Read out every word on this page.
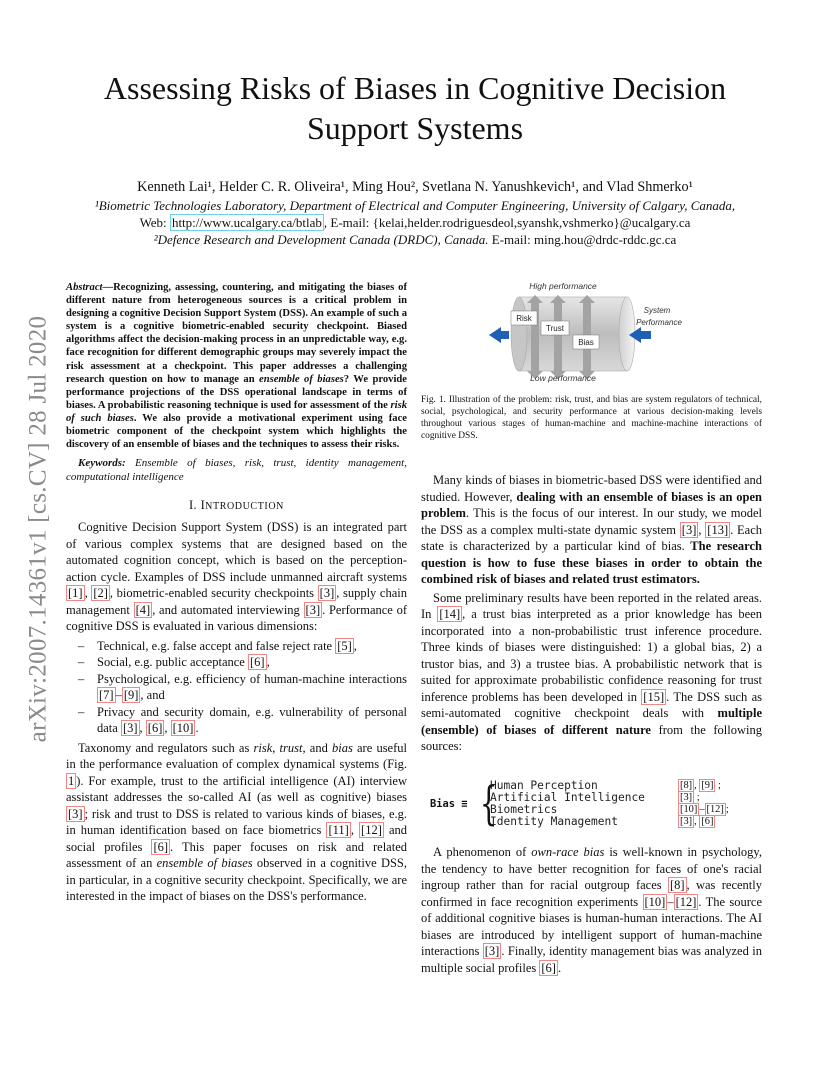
arXiv:2007.14361v1 [cs.CV] 28 Jul 2020
Assessing Risks of Biases in Cognitive Decision
Support Systems
Kenneth Lai¹, Helder C. R. Oliveira¹, Ming Hou², Svetlana N. Yanushkevich¹, and Vlad Shmerko¹
¹Biometric Technologies Laboratory, Department of Electrical and Computer Engineering, University of Calgary, Canada,
Web: http://www.ucalgary.ca/btlab , E-mail: {kelai,helder.rodriguesdeol,syanshk,vshmerko}@ucalgary.ca
²Defence Research and Development Canada (DRDC), Canada. E-mail: ming.hou@drdc-rddc.gc.ca
Abstract—Recognizing, assessing, countering, and mitigating the biases of different nature from heterogeneous sources is a critical problem in designing a cognitive Decision Support System (DSS). An example of such a system is a cognitive biometric-enabled security checkpoint. Biased algorithms affect the decision-making process in an unpredictable way, e.g. face recognition for different demographic groups may severely impact the risk assessment at a checkpoint. This paper addresses a challenging research question on how to manage an ensemble of biases? We provide performance projections of the DSS operational landscape in terms of biases. A probabilistic reasoning technique is used for assessment of the risk of such biases. We also provide a motivational experiment using face biometric component of the checkpoint system which highlights the discovery of an ensemble of biases and the techniques to assess their risks.
Keywords: Ensemble of biases, risk, trust, identity management, computational intelligence
I. INTRODUCTION
Cognitive Decision Support System (DSS) is an integrated part of various complex systems that are designed based on the automated cognition concept, which is based on the perception-action cycle. Examples of DSS include unmanned aircraft systems [1] , [2] , biometric-enabled security checkpoints [3] , supply chain management [4] , and automated interviewing [3] . Performance of cognitive DSS is evaluated in various dimensions:
– Technical, e.g. false accept and false reject rate [5] ,
– Social, e.g. public acceptance [6] ,
– Psychological, e.g. efficiency of human-machine interactions [7] – [9] , and
– Privacy and security domain, e.g. vulnerability of personal data [3] , [6] , [10] .
Taxonomy and regulators such as risk, trust, and bias are useful in the performance evaluation of complex dynamical systems (Fig. 1 ). For example, trust to the artificial intelligence (AI) interview assistant addresses the so-called AI (as well as cognitive) biases [3] ; risk and trust to DSS is related to various kinds of biases, e.g. in human identification based on face biometrics [11] , [12] and social profiles [6] . This paper focuses on risk and related assessment of an ensemble of biases observed in a cognitive DSS, in particular, in a cognitive security checkpoint. Specifically, we are interested in the impact of biases on the DSS's performance.
High performance
Risk
Trust
Bias
System
Performance
Low performance
Fig. 1. Illustration of the problem: risk, trust, and bias are system regulators of technical, social, psychological, and security performance at various decision-making levels throughout various stages of human-machine and machine-machine interactions of cognitive DSS.
Many kinds of biases in biometric-based DSS were identified and studied. However, dealing with an ensemble of biases is an open problem. This is the focus of our interest. In our study, we model the DSS as a complex multi-state dynamic system [3] , [13] . Each state is characterized by a particular kind of bias. The research question is how to fuse these biases in order to obtain the combined risk of biases and related trust estimators.
Some preliminary results have been reported in the related areas. In [14] , a trust bias interpreted as a prior knowledge has been incorporated into a non-probabilistic trust inference procedure. Three kinds of biases were distinguished: 1) a global bias, 2) a trustor bias, and 3) a trustee bias. A probabilistic network that is suited for approximate probabilistic confidence reasoning for trust inference problems has been developed in [15] . The DSS such as semi-automated cognitive checkpoint deals with multiple (ensemble) of biases of different nature from the following sources:
Bias ≡ {
Human Perception
Artificial Intelligence
Biometrics
Identity Management
[8] , [9] ;
[3] ;
[10] – [12] ;
[3] , [6]
A phenomenon of own-race bias is well-known in psychology, the tendency to have better recognition for faces of one's racial ingroup rather than for racial outgroup faces [8] , was recently confirmed in face recognition experiments [10] – [12] . The source of additional cognitive biases is human-human interactions. The AI biases are introduced by intelligent support of human-machine interactions [3] . Finally, identity management bias was analyzed in multiple social profiles [6] .
